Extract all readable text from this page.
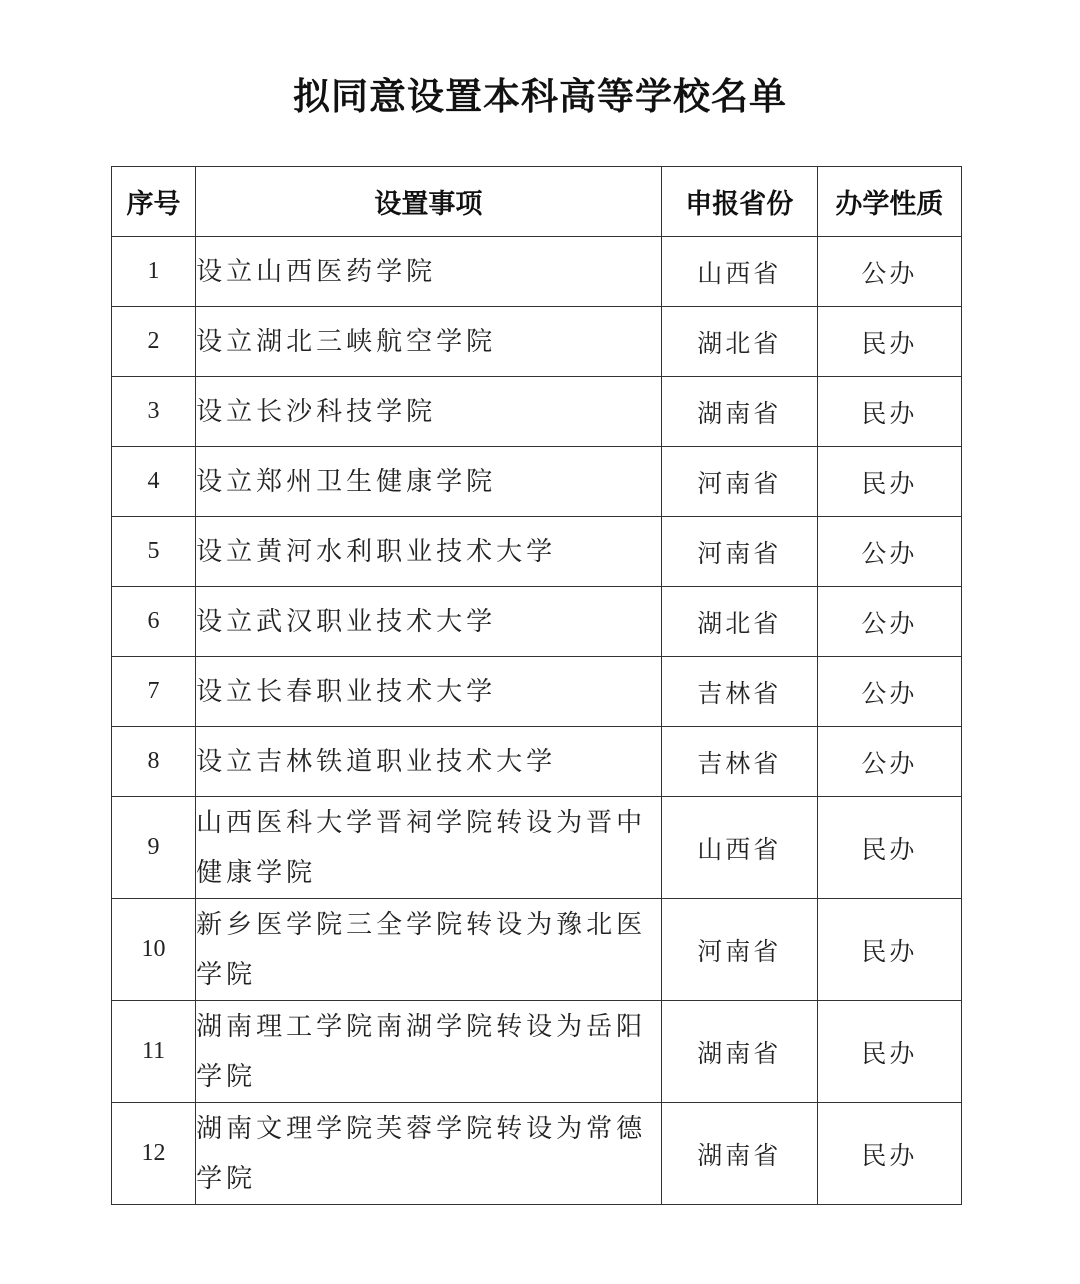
拟同意设置本科高等学校名单
序号	设置事项	申报省份	办学性质
1	设立山西医药学院	山西省	公办
2	设立湖北三峡航空学院	湖北省	民办
3	设立长沙科技学院	湖南省	民办
4	设立郑州卫生健康学院	河南省	民办
5	设立黄河水利职业技术大学	河南省	公办
6	设立武汉职业技术大学	湖北省	公办
7	设立长春职业技术大学	吉林省	公办
8	设立吉林铁道职业技术大学	吉林省	公办
9	山西医科大学晋祠学院转设为晋中健康学院	山西省	民办
10	新乡医学院三全学院转设为豫北医学院	河南省	民办
11	湖南理工学院南湖学院转设为岳阳学院	湖南省	民办
12	湖南文理学院芙蓉学院转设为常德学院	湖南省	民办
